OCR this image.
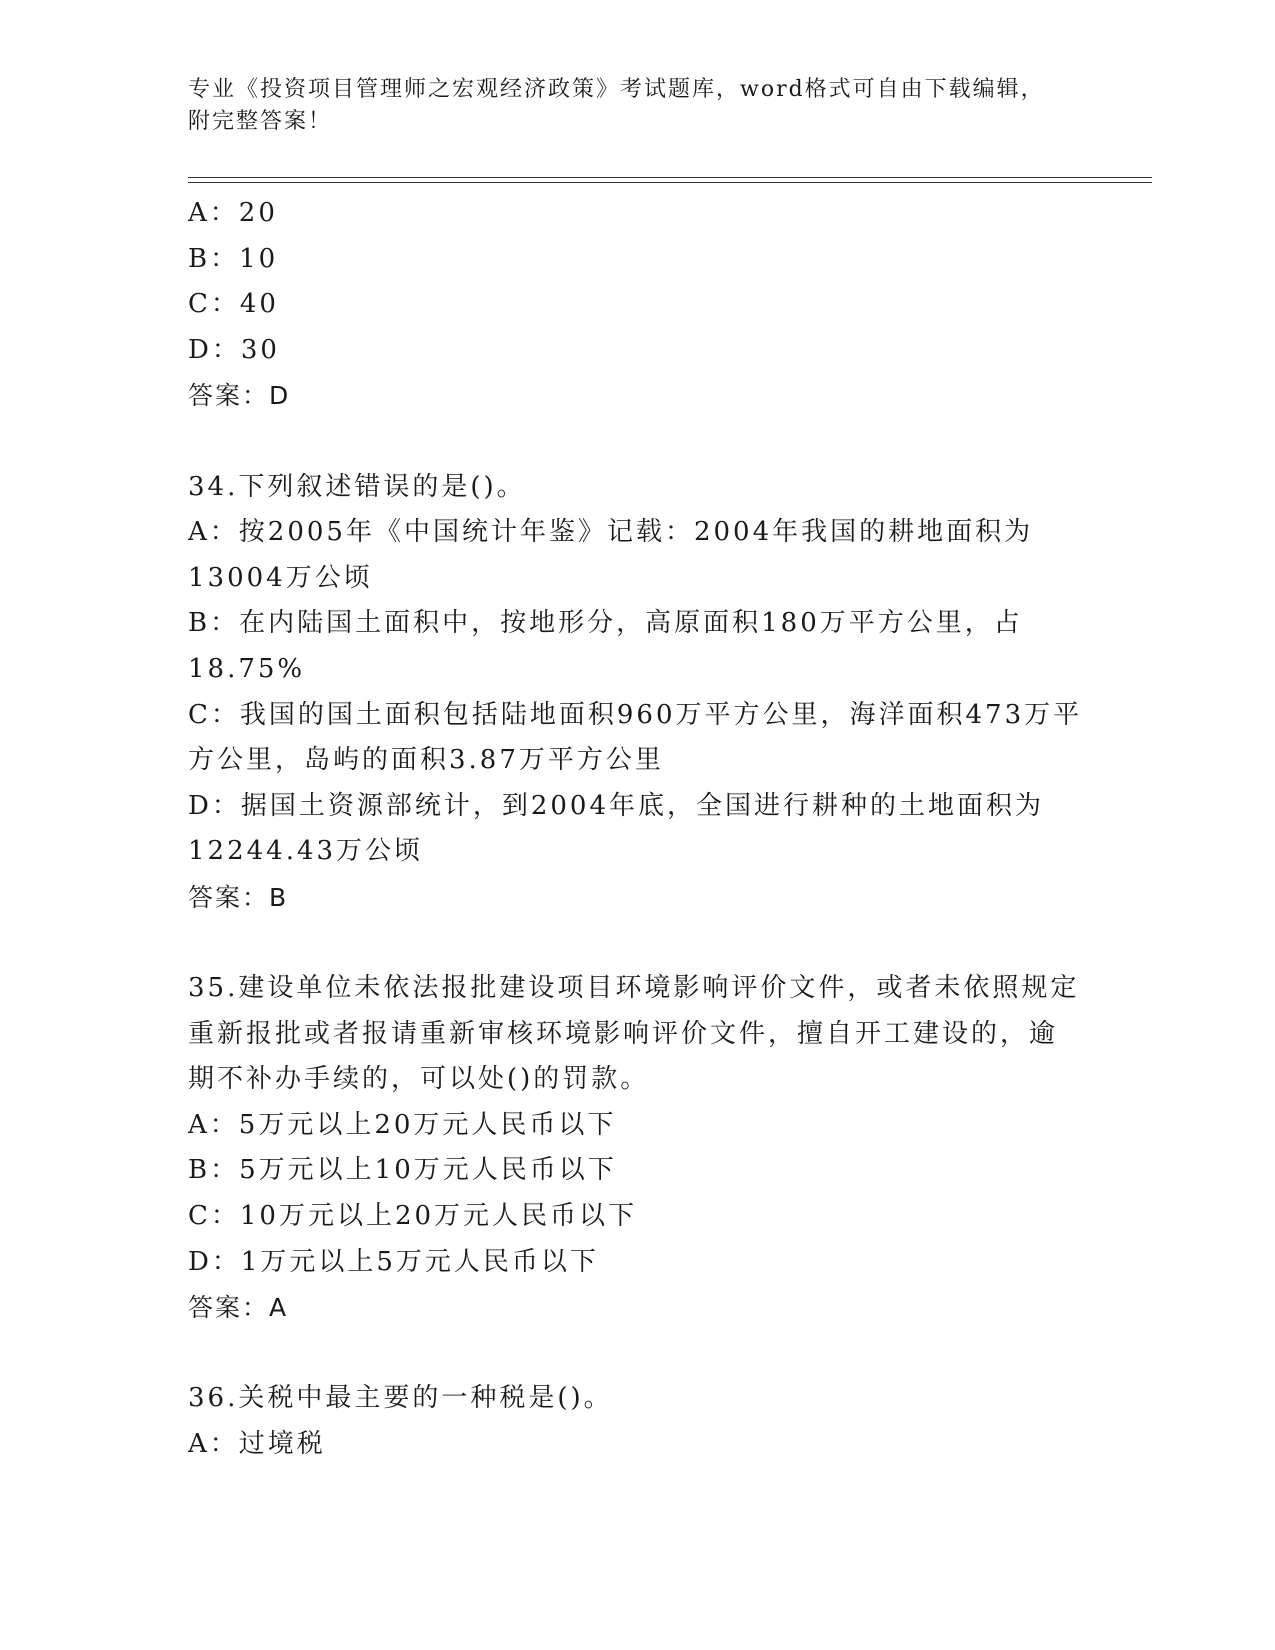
专业《投资项目管理师之宏观经济政策》考试题库，word格式可自由下载编辑，
附完整答案！
A：20
B：10
C：40
D：30
答案：D
34.下列叙述错误的是()。
A：按2005年《中国统计年鉴》记载：2004年我国的耕地面积为
13004万公顷
B：在内陆国土面积中，按地形分，高原面积180万平方公里，占
18.75%
C：我国的国土面积包括陆地面积960万平方公里，海洋面积473万平
方公里，岛屿的面积3.87万平方公里
D：据国土资源部统计，到2004年底，全国进行耕种的土地面积为
12244.43万公顷
答案：B
35.建设单位未依法报批建设项目环境影响评价文件，或者未依照规定
重新报批或者报请重新审核环境影响评价文件，擅自开工建设的，逾
期不补办手续的，可以处()的罚款。
A：5万元以上20万元人民币以下
B：5万元以上10万元人民币以下
C：10万元以上20万元人民币以下
D：1万元以上5万元人民币以下
答案：A
36.关税中最主要的一种税是()。
A：过境税
